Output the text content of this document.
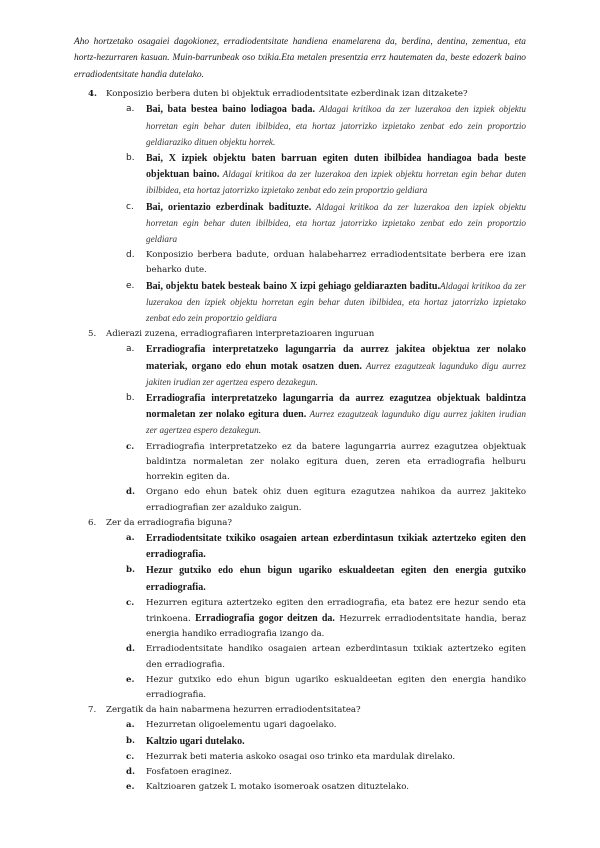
Aho hortzetako osagaiei dagokionez, erradiodentsitate handiena enamelarena da, berdina, dentina, zementua, eta hortz-hezurraren kasuan. Muin-barrunbeak oso txikia.Eta metalen presentzia errz hautematen da, beste edozerk baino erradiodentsitate handia dutelako.

4.	Konposizio berbera duten bi objektuk erradiodentsitate ezberdinak izan ditzakete?
a.	Bai, bata bestea baino lodiagoa bada. Aldagai kritikoa da zer luzerakoa den izpiek objektu horretan egin behar duten ibilbidea, eta hortaz jatorrizko izpietako zenbat edo zein proportzio geldiaraziko dituen objektu horrek.
b.	Bai, X izpiek objektu baten barruan egiten duten ibilbidea handiagoa bada beste objektuan baino. Aldagai kritikoa da zer luzerakoa den izpiek objektu horretan egin behar duten ibilbidea, eta hortaz jatorrizko izpietako zenbat edo zein proportzio geldiara
c.	Bai, orientazio ezberdinak badituzte. Aldagai kritikoa da zer luzerakoa den izpiek objektu horretan egin behar duten ibilbidea, eta hortaz jatorrizko izpietako zenbat edo zein proportzio geldiara
d.	Konposizio berbera badute, orduan halabeharrez erradiodentsitate berbera ere izan beharko dute.
e.	Bai, objektu batek besteak baino X izpi gehiago geldiarazten baditu.Aldagai kritikoa da zer luzerakoa den izpiek objektu horretan egin behar duten ibilbidea, eta hortaz jatorrizko izpietako zenbat edo zein proportzio geldiara
5.	Adierazi zuzena, erradiografiaren interpretazioaren inguruan
a.	Erradiografia interpretatzeko lagungarria da aurrez jakitea objektua zer nolako materiak, organo edo ehun motak osatzen duen. Aurrez ezagutzeak lagunduko digu aurrez jakiten irudian zer agertzea espero dezakegun.
b.	Erradiografia interpretatzeko lagungarria da aurrez ezagutzea objektuak baldintza normaletan zer nolako egitura duen. Aurrez ezagutzeak lagunduko digu aurrez jakiten irudian zer agertzea espero dezakegun.
c.	Erradiografia interpretatzeko ez da batere lagungarria aurrez ezagutzea objektuak baldintza normaletan zer nolako egitura duen, zeren eta erradiografia helburu horrekin egiten da.
d.	Organo edo ehun batek ohiz duen egitura ezagutzea nahikoa da aurrez jakiteko erradiografian zer azalduko zaigun.
6.	Zer da erradiografia biguna?
a.	Erradiodentsitate txikiko osagaien artean ezberdintasun txikiak aztertzeko egiten den erradiografia.
b.	Hezur gutxiko edo ehun bigun ugariko eskualdeetan egiten den energia gutxiko erradiografia.
c.	Hezurren egitura aztertzeko egiten den erradiografia, eta batez ere hezur sendo eta trinkoena. Erradiografia gogor deitzen da. Hezurrek erradiodentsitate handia, beraz energia handiko erradiografia izango da.
d.	Erradiodentsitate handiko osagaien artean ezberdintasun txikiak aztertzeko egiten den erradiografia.
e.	Hezur gutxiko edo ehun bigun ugariko eskualdeetan egiten den energia handiko erradiografia.
7.	Zergatik da hain nabarmena hezurren erradiodentsitatea?
a.	Hezurretan oligoelementu ugari dagoelako.
b.	Kaltzio ugari dutelako.
c.	Hezurrak beti materia askoko osagai oso trinko eta mardulak direlako.
d.	Fosfatoen eraginez.
e.	Kaltzioaren gatzek L motako isomeroak osatzen dituztelako.
